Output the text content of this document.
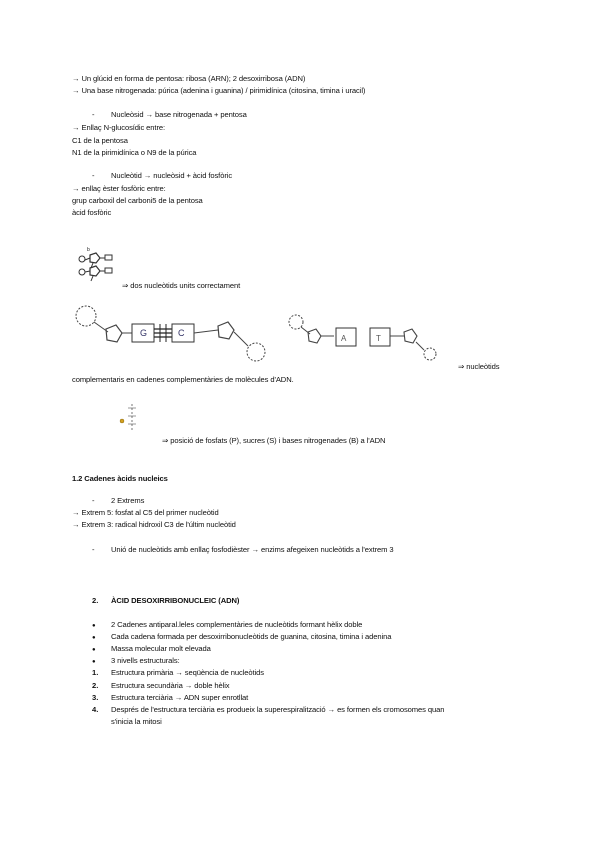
→ Un glúcid en forma de pentosa: ribosa (ARN); 2 desoxirribosa (ADN)
→ Una base nitrogenada: púrica (adenina i guanina) / pirimidínica (citosina, timina i uracil)
- Nucleòsid → base nitrogenada + pentosa
→ Enllaç N-glucosídic entre:
C1 de la pentosa
N1 de la pirimidínica o N9 de la púrica
- Nucleòtid → nucleòsid + àcid fosfòric
→ enllaç èster fosfòric entre:
grup carboxil del carboni5 de la pentosa
àcid fosfòric
b
⇒ dos nucleòtids units correctament
G	C
A	T
⇒ nucleòtids
complementaris en cadenes complementàries de molècules d'ADN.
⇒ posició de fosfats (P), sucres (S) i bases nitrogenades (B) a l'ADN
1.2 Cadenes àcids nucleics
- 2 Extrems
→ Extrem 5: fosfat al C5 del primer nucleòtid
→ Extrem 3: radical hidroxil C3 de l'últim nucleòtid
- Unió de nucleòtids amb enllaç fosfodièster → enzims afegeixen nucleòtids a l'extrem 3
2. ÀCID DESOXIRRIBONUCLEIC (ADN)
● 2 Cadenes antiparal.leles complementàries de nucleòtids formant hèlix doble
● Cada cadena formada per desoxirribonucleòtids de guanina, citosina, timina i adenina
● Massa molecular molt elevada
● 3 nivells estructurals:
1. Estructura primària → seqüència de nucleòtids
2. Estructura secundària → doble hèlix
3. Estructura terciària → ADN super enrotllat
4. Després de l'estructura terciària es produeix la superespiralització → es formen els cromosomes quan
s'inicia la mitosi
